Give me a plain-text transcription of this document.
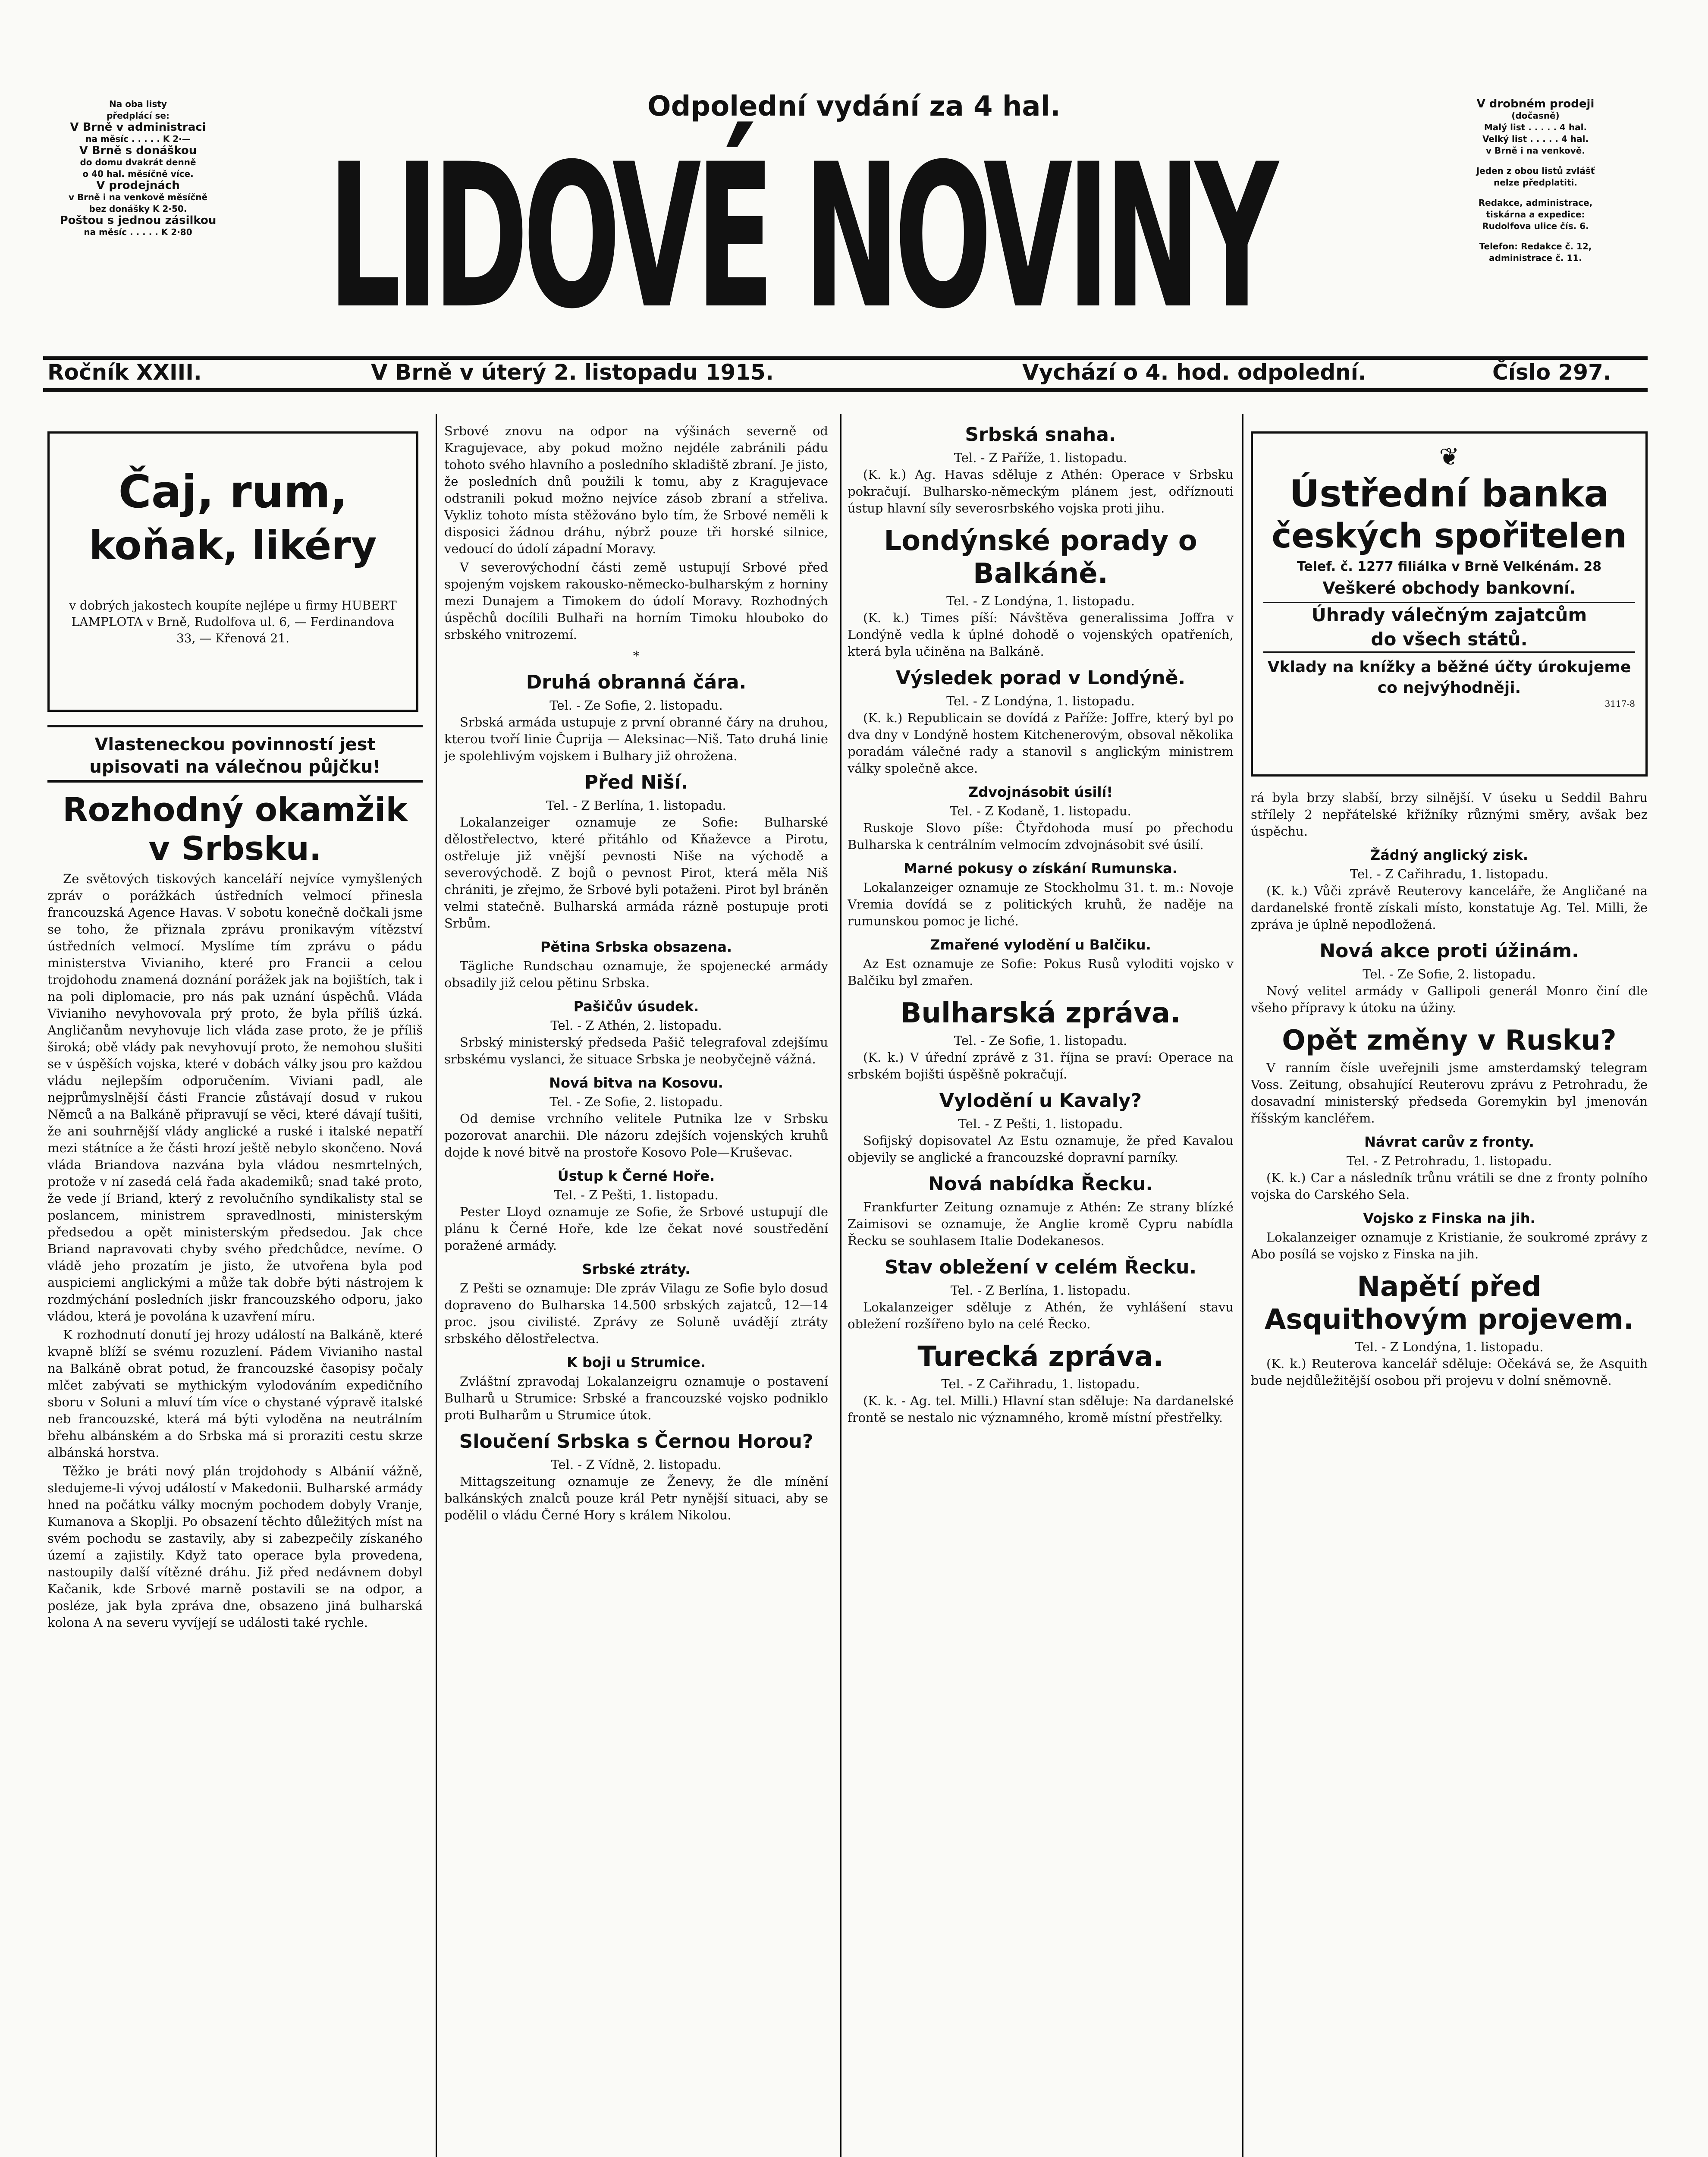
Na oba listy
předplácí se:
V Brně v administraci
na měsíc . . . . . K 2·—
V Brně s donáškou
do domu dvakrát denně
o 40 hal. měsíčně více.
V prodejnách
v Brně i na venkově měsíčně
bez donášky K 2·50.
Poštou s jednou zásilkou
na měsíc . . . . . K 2·80
Odpolední vydání za 4 hal.
LIDOVÉ NOVINY
V drobném prodeji
(dočasně)
Malý list . . . . . 4 hal.
Velký list . . . . . 4 hal.
v Brně i na venkově.
Jeden z obou listů zvlášť
nelze předplatiti.
Redakce, administrace,
tiskárna a expedice:
Rudolfova ulice čís. 6.
Telefon: Redakce č. 12,
administrace č. 11.
Ročník XXIII.	V Brně v úterý 2. listopadu 1915.	Vychází o 4. hod. odpolední.	Číslo 297.
Čaj, rum,
koňak, likéry
v dobrých jakostech koupíte nejlépe u firmy HUBERT LAMPLOTA v Brně, Rudolfova ul. 6, — Ferdinandova 33, — Křenová 21.
Vlasteneckou povinností jest upisovati na válečnou půjčku!
Rozhodný okamžik v Srbsku.

Ze světových tiskových kanceláří nejvíce vymyšlených zpráv o porážkách ústředních velmocí přinesla francouzská Agence Havas. V sobotu konečně dočkali jsme se toho, že přiznala zprávu pronikavým vítězství ústředních velmocí. Myslíme tím zprávu o pádu ministerstva Vivianiho, které pro Francii a celou trojdohodu znamená doznání porážek jak na bojištích, tak i na poli diplomacie, pro nás pak uznání úspěchů. Vláda Vivianiho nevyhovovala prý proto, že byla příliš úzká. Angličanům nevyhovuje lich vláda zase proto, že je příliš široká; obě vlády pak nevyhovují proto, že nemohou slušiti se v úspěších vojska, které v dobách války jsou pro každou vládu nejlepším odporučením. Viviani padl, ale nejprůmyslnější části Francie zůstávají dosud v rukou Němců a na Balkáně připravují se věci, které dávají tušiti, že ani souhrnější vlády anglické a ruské i italské nepatří mezi státníce a že části hrozí ještě nebylo skončeno. Nová vláda Briandova nazvána byla vládou nesmrtelných, protože v ní zasedá celá řada akademiků; snad také proto, že vede jí Briand, který z revolučního syndikalisty stal se poslancem, ministrem spravedlnosti, ministerským předsedou a opět ministerským předsedou. Jak chce Briand napravovati chyby svého předchůdce, nevíme. O vládě jeho prozatím je jisto, že utvořena byla pod auspiciemi anglickými a může tak dobře býti nástrojem k rozdmýchání posledních jiskr francouzského odporu, jako vládou, která je povolána k uzavření míru.

K rozhodnutí donutí jej hrozy událostí na Balkáně, které kvapně blíží se svému rozuzlení. Pádem Vivianiho nastal na Balkáně obrat potud, že francouzské časopisy počaly mlčet zabývati se mythickým vylodováním expedičního sboru v Soluni a mluví tím více o chystané výpravě italské neb francouzské, která má býti vyloděna na neutrálním břehu albánském a do Srbska má si proraziti cestu skrze albánská horstva.

Těžko je bráti nový plán trojdohody s Albánií vážně, sledujeme-li vývoj událostí v Makedonii. Bulharské armády hned na počátku války mocným pochodem dobyly Vranje, Kumanova a Skoplji. Po obsazení těchto důležitých míst na svém pochodu se zastavily, aby si zabezpečily získaného území a zajistily. Když tato operace byla provedena, nastoupily další vítězné dráhu. Již před nedávnem dobyl Kačanik, kde Srbové marně postavili se na odpor, a posléze, jak byla zpráva dne, obsazeno jiná bulharská kolona A na severu vyvíjejí se události také rychle.

Srbové znovu na odpor na výšinách severně od Kragujevace, aby pokud možno nejdéle zabránili pádu tohoto svého hlavního a posledního skladiště zbraní. Je jisto, že posledních dnů použili k tomu, aby z Kragujevace odstranili pokud možno nejvíce zásob zbraní a střeliva. Vykliz tohoto místa stěžováno bylo tím, že Srbové neměli k disposici žádnou dráhu, nýbrž pouze tři horské silnice, vedoucí do údolí západní Moravy.

V severovýchodní části země ustupují Srbové před spojeným vojskem rakousko-německo-bulharským z horniny mezi Dunajem a Timokem do údolí Moravy. Rozhodných úspěchů docílili Bulhaři na horním Timoku hlouboko do srbského vnitrozemí.

*
Druhá obranná čára.
Tel. - Ze Sofie, 2. listopadu.

Srbská armáda ustupuje z první obranné čáry na druhou, kterou tvoří linie Čuprija — Aleksinac—Niš. Tato druhá linie je spolehlivým vojskem i Bulhary již ohrožena.

Před Niší.
Tel. - Z Berlína, 1. listopadu.

Lokalanzeiger oznamuje ze Sofie: Bulharské dělostřelectvo, které přitáhlo od Kňaževce a Pirotu, ostřeluje již vnější pevnosti Niše na východě a severovýchodě. Z bojů o pevnost Pirot, která měla Niš chrániti, je zřejmo, že Srbové byli potaženi. Pirot byl bráněn velmi statečně. Bulharská armáda rázně postupuje proti Srbům.

Pětina Srbska obsazena.

Tägliche Rundschau oznamuje, že spojenecké armády obsadily již celou pětinu Srbska.

Pašičův úsudek.
Tel. - Z Athén, 2. listopadu.

Srbský ministerský předseda Pašič telegrafoval zdejšímu srbskému vyslanci, že situace Srbska je neobyčejně vážná.

Nová bitva na Kosovu.
Tel. - Ze Sofie, 2. listopadu.

Od demise vrchního velitele Putnika lze v Srbsku pozorovat anarchii. Dle názoru zdejších vojenských kruhů dojde k nové bitvě na prostoře Kosovo Pole—Kruševac.

Ústup k Černé Hoře.
Tel. - Z Pešti, 1. listopadu.

Pester Lloyd oznamuje ze Sofie, že Srbové ustupují dle plánu k Černé Hoře, kde lze čekat nové soustředění poražené armády.

Srbské ztráty.

Z Pešti se oznamuje: Dle zpráv Vilagu ze Sofie bylo dosud dopraveno do Bulharska 14.500 srbských zajatců, 12—14 proc. jsou civilisté. Zprávy ze Soluně uvádějí ztráty srbského dělostřelectva.

K boji u Strumice.

Zvláštní zpravodaj Lokalanzeigru oznamuje o postavení Bulharů u Strumice: Srbské a francouzské vojsko podniklo proti Bulharům u Strumice útok.

Sloučení Srbska s Černou Horou?
Tel. - Z Vídně, 2. listopadu.

Mittagszeitung oznamuje ze Ženevy, že dle mínění balkánských znalců pouze král Petr nynější situaci, aby se podělil o vládu Černé Hory s králem Nikolou.

Srbská snaha.
Tel. - Z Paříže, 1. listopadu.

(K. k.) Ag. Havas sděluje z Athén: Operace v Srbsku pokračují. Bulharsko-německým plánem jest, odříznouti ústup hlavní síly severosrbského vojska proti jihu.

Londýnské porady o Balkáně.
Tel. - Z Londýna, 1. listopadu.

(K. k.) Times píší: Návštěva generalissima Joffra v Londýně vedla k úplné dohodě o vojenských opatřeních, která byla učiněna na Balkáně.

Výsledek porad v Londýně.
Tel. - Z Londýna, 1. listopadu.

(K. k.) Republicain se dovídá z Paříže: Joffre, který byl po dva dny v Londýně hostem Kitchenerovým, obsoval několika poradám válečné rady a stanovil s anglickým ministrem války společně akce.

Zdvojnásobit úsilí!
Tel. - Z Kodaně, 1. listopadu.

Ruskoje Slovo píše: Čtyřdohoda musí po přechodu Bulharska k centrálním velmocím zdvojnásobit své úsilí.

Marné pokusy o získání Rumunska.

Lokalanzeiger oznamuje ze Stockholmu 31. t. m.: Novoje Vremia dovídá se z politických kruhů, že naděje na rumunskou pomoc je liché.

Zmařené vylodění u Balčiku.

Az Est oznamuje ze Sofie: Pokus Rusů vyloditi vojsko v Balčiku byl zmařen.

Bulharská zpráva.
Tel. - Ze Sofie, 1. listopadu.

(K. k.) V úřední zprávě z 31. října se praví: Operace na srbském bojišti úspěšně pokračují.

Vylodění u Kavaly?
Tel. - Z Pešti, 1. listopadu.

Sofijský dopisovatel Az Estu oznamuje, že před Kavalou objevily se anglické a francouzské dopravní parníky.

Nová nabídka Řecku.

Frankfurter Zeitung oznamuje z Athén: Ze strany blízké Zaimisovi se oznamuje, že Anglie kromě Cypru nabídla Řecku se souhlasem Italie Dodekanesos.

Stav obležení v celém Řecku.
Tel. - Z Berlína, 1. listopadu.

Lokalanzeiger sděluje z Athén, že vyhlášení stavu obležení rozšířeno bylo na celé Řecko.

Turecká zpráva.
Tel. - Z Cařihradu, 1. listopadu.

(K. k. - Ag. tel. Milli.) Hlavní stan sděluje: Na dardanelské frontě se nestalo nic významného, kromě místní přestřelky.

❦
Ústřední banka
českých spořitelen
Telef. č. 1277 filiálka v Brně Velkénám. 28
Veškeré obchody bankovní.
Úhrady válečným zajatcům
do všech států.
Vklady na knížky a běžné účty úrokujeme co nejvýhodněji.
3117-8

rá byla brzy slabší, brzy silnější. V úseku u Seddil Bahru střílely 2 nepřátelské křižníky různými směry, avšak bez úspěchu.

Žádný anglický zisk.
Tel. - Z Cařihradu, 1. listopadu.

(K. k.) Vůči zprávě Reuterovy kanceláře, že Angličané na dardanelské frontě získali místo, konstatuje Ag. Tel. Milli, že zpráva je úplně nepodložená.

Nová akce proti úžinám.
Tel. - Ze Sofie, 2. listopadu.

Nový velitel armády v Gallipoli generál Monro činí dle všeho přípravy k útoku na úžiny.

Opět změny v Rusku?

V ranním čísle uveřejnili jsme amsterdamský telegram Voss. Zeitung, obsahující Reuterovu zprávu z Petrohradu, že dosavadní ministerský předseda Goremykin byl jmenován říšským kancléřem.

Návrat carův z fronty.
Tel. - Z Petrohradu, 1. listopadu.

(K. k.) Car a následník trůnu vrátili se dne z fronty polního vojska do Carského Sela.

Vojsko z Finska na jih.

Lokalanzeiger oznamuje z Kristianie, že soukromé zprávy z Abo posílá se vojsko z Finska na jih.

Napětí před Asquithovým projevem.
Tel. - Z Londýna, 1. listopadu.

(K. k.) Reuterova kancelář sděluje: Očekává se, že Asquith bude nejdůležitější osobou při projevu v dolní sněmovně.
